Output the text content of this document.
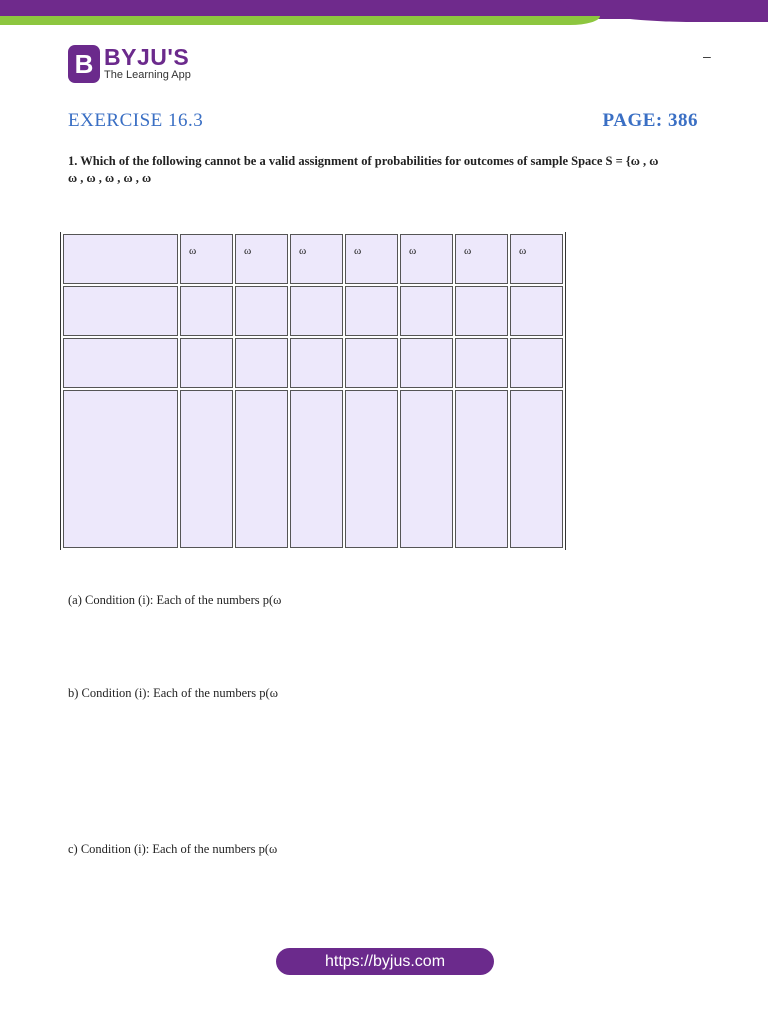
–
B BYJU'S
The Learning App
EXERCISE 16.3	PAGE: 386
1. Which of the following cannot be a valid assignment of probabilities for outcomes of sample Space S = {ω , ω
ω , ω , ω , ω , ω
	ω	ω	ω	ω	ω	ω	ω

(a) Condition (i): Each of the numbers p(ω
b) Condition (i): Each of the numbers p(ω
c) Condition (i): Each of the numbers p(ω
https://byjus.com
